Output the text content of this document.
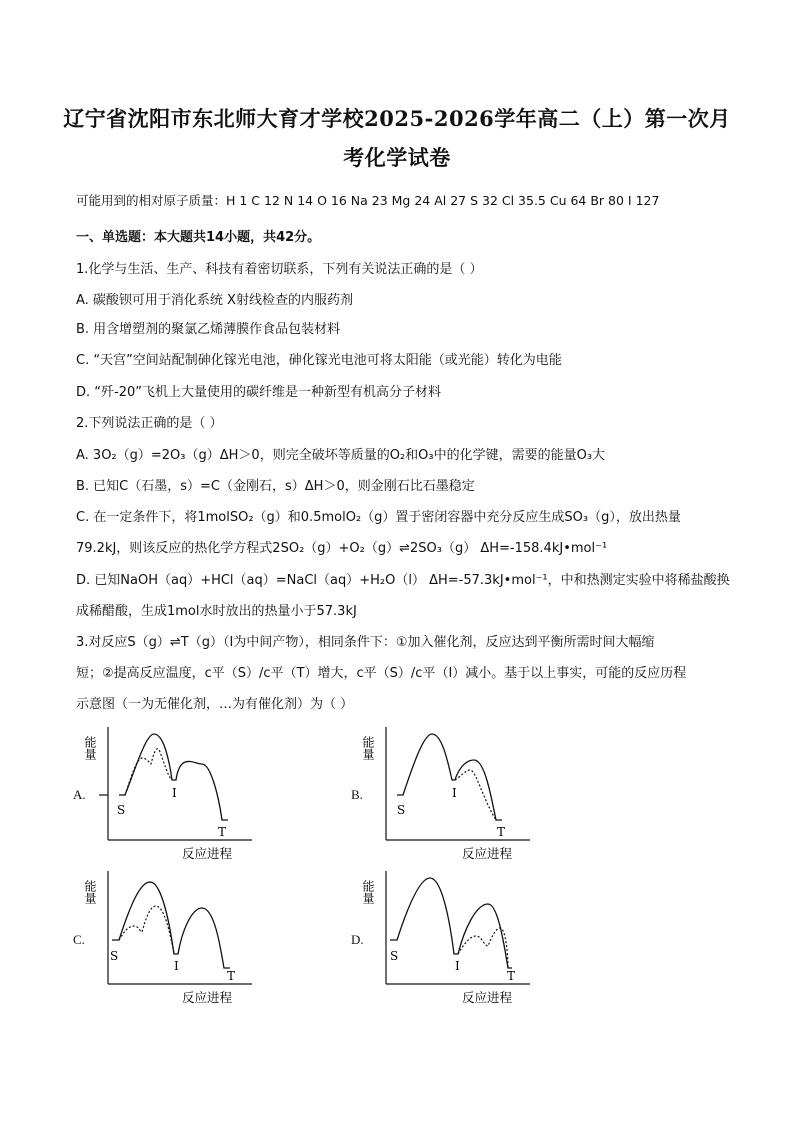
辽宁省沈阳市东北师大育才学校2025-2026学年高二（上）第一次月
考化学试卷
可能用到的相对原子质量：H 1 C 12 N 14 O 16 Na 23 Mg 24 Al 27 S 32 Cl 35.5 Cu 64 Br 80 I 127
一、单选题：本大题共14小题，共42分。
1.化学与生活、生产、科技有着密切联系，下列有关说法正确的是（ ）
A. 碳酸钡可用于消化系统 X射线检查的内服药剂
B. 用含增塑剂的聚氯乙烯薄膜作食品包装材料
C. “天宫”空间站配制砷化镓光电池，砷化镓光电池可将太阳能（或光能）转化为电能
D. “歼-20”飞机上大量使用的碳纤维是一种新型有机高分子材料
2.下列说法正确的是（ ）
A. 3O₂（g）=2O₃（g）ΔH＞0，则完全破坏等质量的O₂和O₃中的化学键，需要的能量O₃大
B. 已知C（石墨，s）=C（金刚石，s）ΔH＞0，则金刚石比石墨稳定
C. 在一定条件下，将1molSO₂（g）和0.5molO₂（g）置于密闭容器中充分反应生成SO₃（g），放出热量
79.2kJ，则该反应的热化学方程式2SO₂（g）+O₂（g）⇌2SO₃（g） ΔH=-158.4kJ•mol⁻¹
D. 已知NaOH（aq）+HCl（aq）=NaCl（aq）+H₂O（l） ΔH=-57.3kJ•mol⁻¹，中和热测定实验中将稀盐酸换
成稀醋酸，生成1mol水时放出的热量小于57.3kJ
3.对反应S（g）⇌T（g）（I为中间产物），相同条件下：①加入催化剂，反应达到平衡所需时间大幅缩
短；②提高反应温度，c平（S）/c平（T）增大，c平（S）/c平（I）减小。基于以上事实，可能的反应历程
示意图（一为无催化剂，…为有催化剂）为（ ）
A.	B.
C.	D.
能量
S
I
T
反应进程
能量
S
I
T
反应进程
能量
S
I
T
反应进程
能量
S
I
T
反应进程
